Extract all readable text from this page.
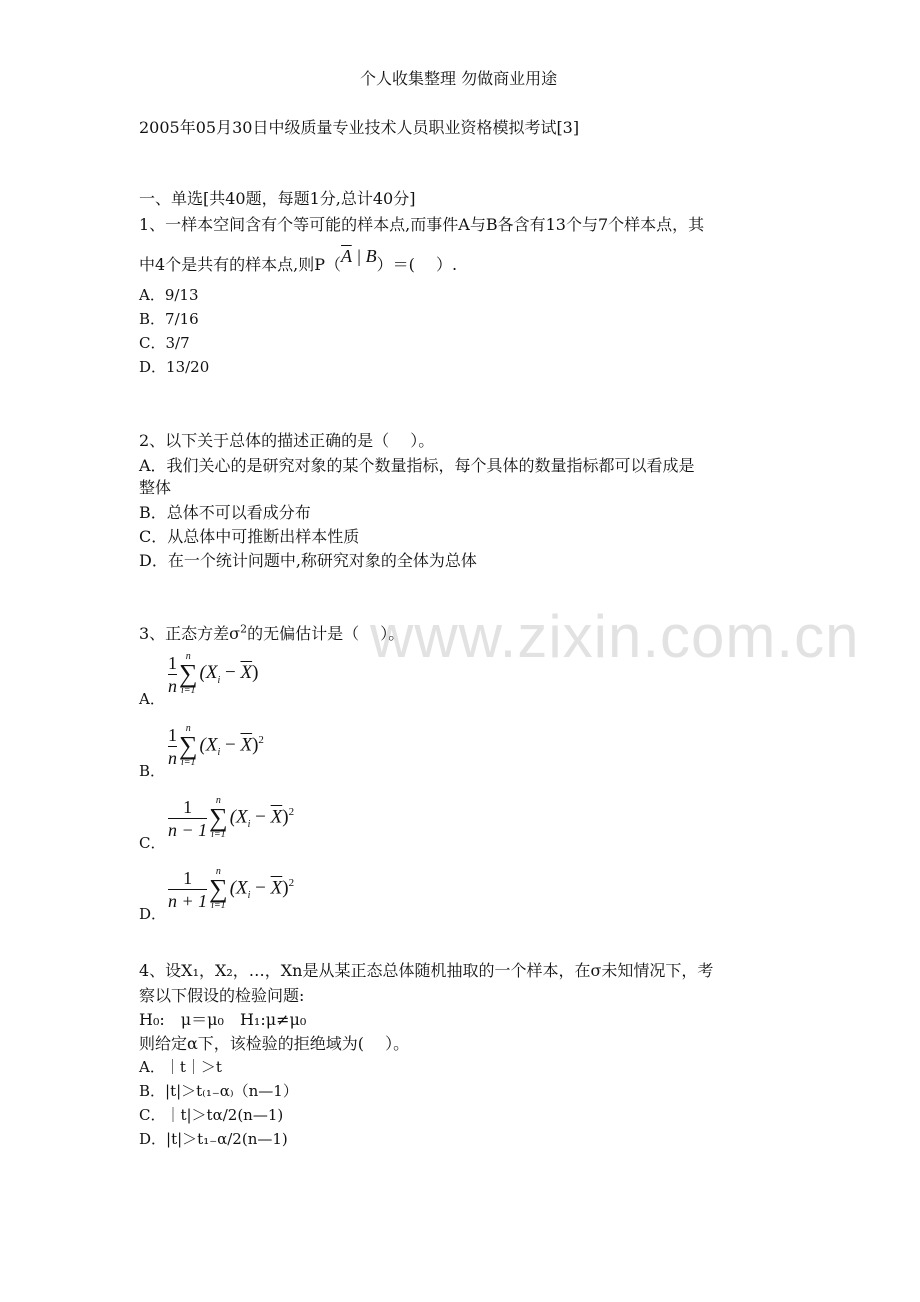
www.zixin.com.cn
个人收集整理 勿做商业用途
2005年05月30日中级质量专业技术人员职业资格模拟考试[3]
一、单选[共40题，每题1分,总计40分]
1、一样本空间含有个等可能的样本点,而事件A与B各含有13个与7个样本点，其
中4个是共有的样本点,则$P(\overline{A}$ | B）＝(　 ）.
A．9/13
B．7/16
C．3/7
D．13/20
2、以下关于总体的描述正确的是（　 ）。
A．我们关心的是研究对象的某个数量指标，每个具体的数量指标都可以看成是
整体
B．总体不可以看成分布
C．从总体中可推断出样本性质
D．在一个统计问题中,称研究对象的全体为总体
3、正态方差$\sigma^2$的无偏估计是（　 ）。
A．
$\frac{1}{n}$ n
∑
i=1
$(X_i - \overline{X})$
B．
$\frac{1}{n}$ n
∑
i=1
$(X_i - \overline{X})^2$
C．
$\frac{1}{n - 1}$ n
∑
i=1
$(X_i - \overline{X})^2$
D．
$\frac{1}{n + 1}$ n
∑
i=1
$(X_i - \overline{X})^2$
4、设X₁，X₂，…，Xn是从某正态总体随机抽取的一个样本，在σ未知情况下，考
察以下假设的检验问题:
H₀:　μ＝μ₀　H₁:μ≠μ₀
则给定α下，该检验的拒绝域为(　 ）。
A．｜t｜＞t
B．|t|＞t₍₁₋α₎（n—1）
C．｜t|＞tα/2(n—1)
D．|t|＞t₁₋α/2(n—1)
